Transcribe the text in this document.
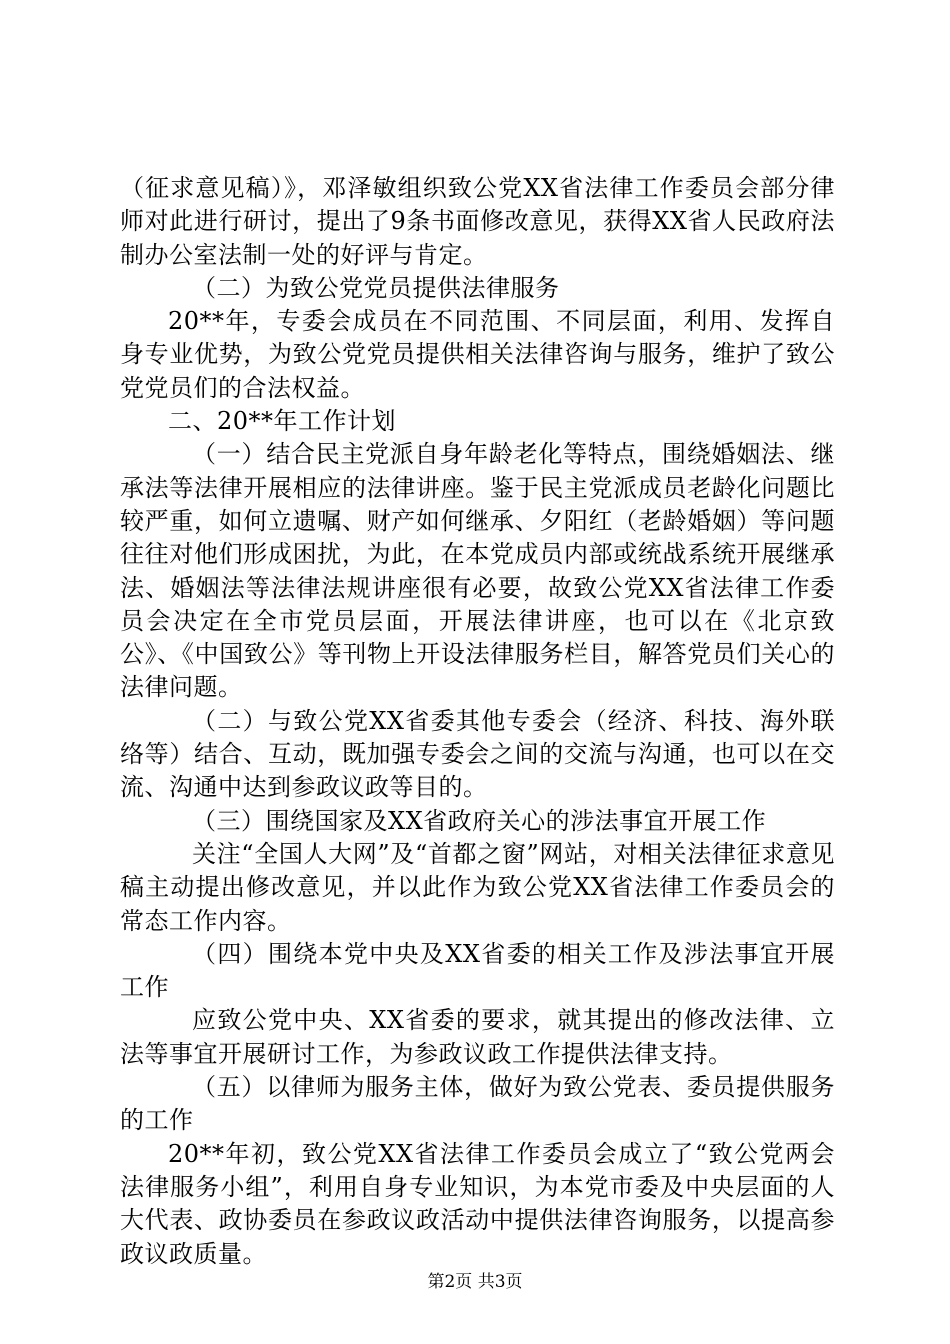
（征求意见稿）》，邓泽敏组织致公党XX省法律工作委员会部分律师对此进行研讨，提出了9条书面修改意见，获得XX省人民政府法制办公室法制一处的好评与肯定。

（二）为致公党党员提供法律服务

20**年，专委会成员在不同范围、不同层面，利用、发挥自身专业优势，为致公党党员提供相关法律咨询与服务，维护了致公党党员们的合法权益。

二、20**年工作计划

（一）结合民主党派自身年龄老化等特点，围绕婚姻法、继承法等法律开展相应的法律讲座。鉴于民主党派成员老龄化问题比较严重，如何立遗嘱、财产如何继承、夕阳红（老龄婚姻）等问题往往对他们形成困扰，为此，在本党成员内部或统战系统开展继承法、婚姻法等法律法规讲座很有必要，故致公党XX省法律工作委员会决定在全市党员层面，开展法律讲座，也可以在《北京致公》、《中国致公》等刊物上开设法律服务栏目，解答党员们关心的法律问题。

（二）与致公党XX省委其他专委会（经济、科技、海外联络等）结合、互动，既加强专委会之间的交流与沟通，也可以在交流、沟通中达到参政议政等目的。

（三）围绕国家及XX省政府关心的涉法事宜开展工作

关注“全国人大网”及“首都之窗”网站，对相关法律征求意见稿主动提出修改意见，并以此作为致公党XX省法律工作委员会的常态工作内容。

（四）围绕本党中央及XX省委的相关工作及涉法事宜开展工作

应致公党中央、XX省委的要求，就其提出的修改法律、立法等事宜开展研讨工作，为参政议政工作提供法律支持。

（五）以律师为服务主体，做好为致公党表、委员提供服务的工作

20**年初，致公党XX省法律工作委员会成立了“致公党两会法律服务小组”，利用自身专业知识，为本党市委及中央层面的人大代表、政协委员在参政议政活动中提供法律咨询服务，以提高参政议政质量。

第2页 共3页
